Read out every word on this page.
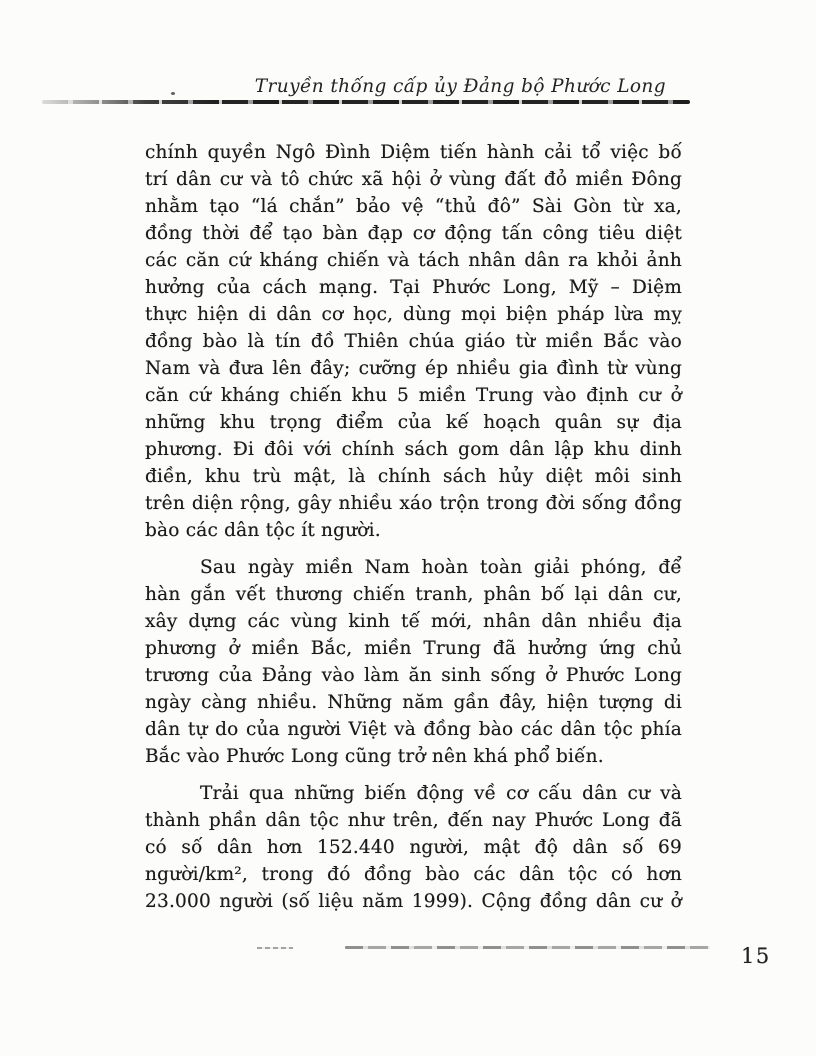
Truyền thống cấp ủy Đảng bộ Phước Long

chính quyền Ngô Đình Diệm tiến hành cải tổ việc bố
trí dân cư và tô chức xã hội ở vùng đất đỏ miền Đông
nhằm tạo “lá chắn” bảo vệ “thủ đô” Sài Gòn từ xa,
đồng thời để tạo bàn đạp cơ động tấn công tiêu diệt
các căn cứ kháng chiến và tách nhân dân ra khỏi ảnh
hưởng của cách mạng. Tại Phước Long, Mỹ – Diệm
thực hiện di dân cơ học, dùng mọi biện pháp lừa mỵ
đồng bào là tín đồ Thiên chúa giáo từ miền Bắc vào
Nam và đưa lên đây; cưỡng ép nhiều gia đình từ vùng
căn cứ kháng chiến khu 5 miền Trung vào định cư ở
những khu trọng điểm của kế hoạch quân sự địa
phương. Đi đôi với chính sách gom dân lập khu dinh
điền, khu trù mật, là chính sách hủy diệt môi sinh
trên diện rộng, gây nhiều xáo trộn trong đời sống đồng
bào các dân tộc ít người.

Sau ngày miền Nam hoàn toàn giải phóng, để
hàn gắn vết thương chiến tranh, phân bố lại dân cư,
xây dựng các vùng kinh tế mới, nhân dân nhiều địa
phương ở miền Bắc, miền Trung đã hưởng ứng chủ
trương của Đảng vào làm ăn sinh sống ở Phước Long
ngày càng nhiều. Những năm gần đây, hiện tượng di
dân tự do của người Việt và đồng bào các dân tộc phía
Bắc vào Phước Long cũng trở nên khá phổ biến.

Trải qua những biến động về cơ cấu dân cư và
thành phần dân tộc như trên, đến nay Phước Long đã
có số dân hơn 152.440 người, mật độ dân số 69
người/km², trong đó đồng bào các dân tộc có hơn
23.000 người (số liệu năm 1999). Cộng đồng dân cư ở

15
